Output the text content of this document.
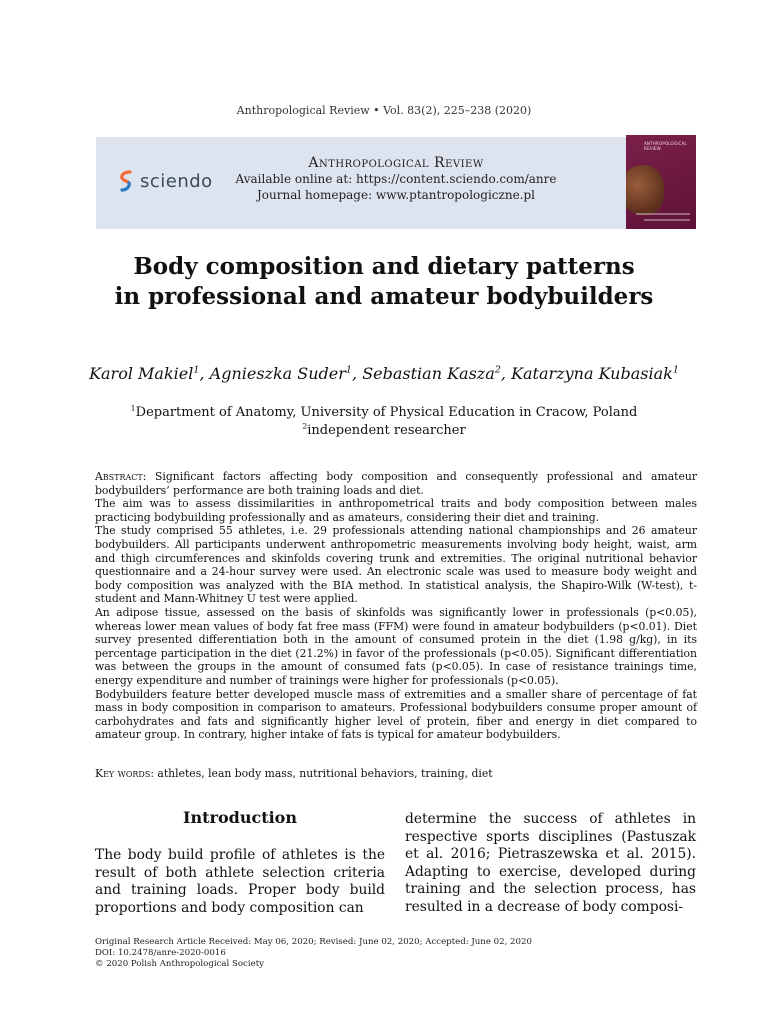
Anthropological Review • Vol. 83(2), 225–238 (2020)
sciendo
Anthropological Review
Available online at: https://content.sciendo.com/anre
Journal homepage: www.ptantropologiczne.pl
ANTHROPOLOGICAL REVIEW
Body composition and dietary patterns
in professional and amateur bodybuilders
Karol Makiel$^1$, Agnieszka Suder$^1$, Sebastian Kasza$^2$, Katarzyna Kubasiak$^1$
$^1$Department of Anatomy, University of Physical Education in Cracow, Poland
$^2$independent researcher

Abstract: Significant factors affecting body composition and consequently professional and amateur bodybuilders’ performance are both training loads and diet.

The aim was to assess dissimilarities in anthropometrical traits and body composition between males practicing bodybuilding professionally and as amateurs, considering their diet and training.

The study comprised 55 athletes, i.e. 29 professionals attending national championships and 26 amateur bodybuilders. All participants underwent anthropometric measurements involving body height, waist, arm and thigh circumferences and skinfolds covering trunk and extremities. The original nutritional behavior questionnaire and a 24-hour survey were used. An electronic scale was used to measure body weight and body composition was analyzed with the BIA method. In statistical analysis, the Shapiro-Wilk (W-test), t-student and Mann-Whitney U test were applied.

An adipose tissue, assessed on the basis of skinfolds was significantly lower in professionals (p<0.05), whereas lower mean values of body fat free mass (FFM) were found in amateur bodybuilders (p<0.01). Diet survey presented differentiation both in the amount of consumed protein in the diet (1.98 g/kg), in its percentage participation in the diet (21.2%) in favor of the professionals (p<0.05). Significant differentiation was between the groups in the amount of consumed fats (p<0.05). In case of resistance trainings time, energy expenditure and number of trainings were higher for professionals (p<0.05).

Bodybuilders feature better developed muscle mass of extremities and a smaller share of percentage of fat mass in body composition in comparison to amateurs. Professional bodybuilders consume proper amount of carbohydrates and fats and significantly higher level of protein, fiber and energy in diet compared to amateur group. In contrary, higher intake of fats is typical for amateur bodybuilders.

Key words: athletes, lean body mass, nutritional behaviors, training, diet
Introduction

The body build profile of athletes is the result of both athlete selection criteria and training loads. Proper body build proportions and body composition can

determine the success of athletes in respective sports disciplines (Pastuszak et al. 2016; Pietraszewska et al. 2015). Adapting to exercise, developed during training and the selection process, has resulted in a decrease of body composi-

Original Research Article Received: May 06, 2020; Revised: June 02, 2020; Accepted: June 02, 2020
DOI: 10.2478/anre-2020-0016
© 2020 Polish Anthropological Society
